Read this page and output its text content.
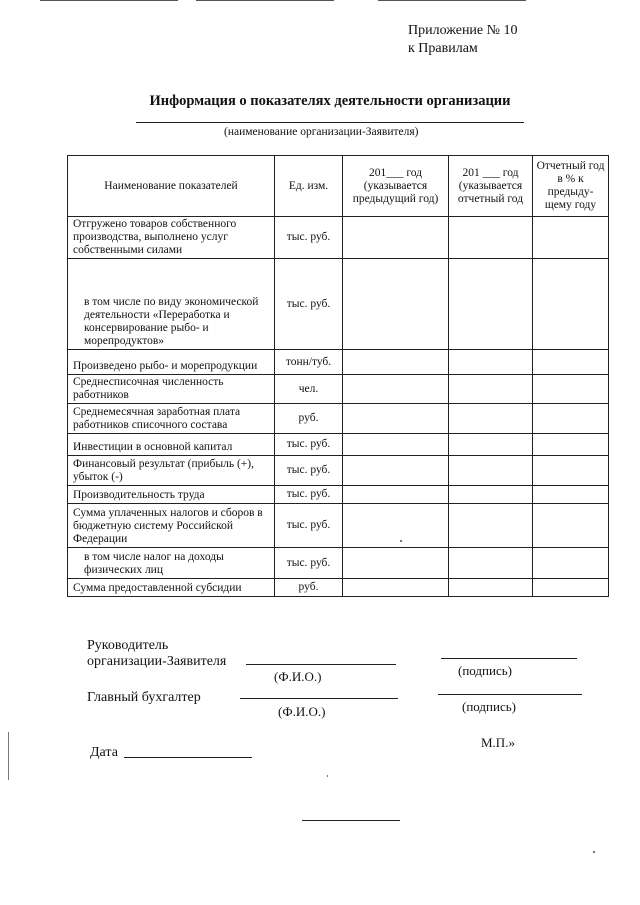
Приложение № 10
к Правилам
Информация о показателях деятельности организации
(наименование организации-Заявителя)
Наименование показателей	Ед. изм.	201___ год (указывается предыдущий год)	201 ___ год (указывается отчетный год	Отчетный год в % к предыду- щему году
Отгружено товаров собственного производства, выполнено услуг собственными силами	тыс. руб.			
в том числе по виду экономической деятельности «Переработка и консервирование рыбо- и морепродуктов»	тыс. руб.			
Произведено рыбо- и морепродукции	тонн/туб.			
Среднесписочная численность работников	чел.			
Среднемесячная заработная плата работников списочного состава	руб.			
Инвестиции в основной капитал	тыс. руб.			
Финансовый результат (прибыль (+), убыток (-)	тыс. руб.			
Производительность труда	тыс. руб.			
Сумма уплаченных налогов и сборов в бюджетную систему Российской Федерации	тыс. руб.			
в том числе налог на доходы физических лиц	тыс. руб.			
Сумма предоставленной субсидии	руб.			
Руководитель
организации-Заявителя
(Ф.И.О.)	(подпись)
Главный бухгалтер
(Ф.И.О.)	(подпись)
М.П.»
Дата
